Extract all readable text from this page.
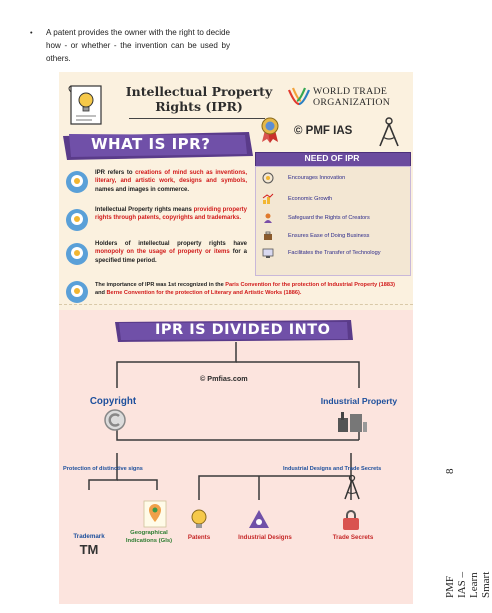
• A patent provides the owner with the right to decide how - or whether - the invention can be used by others.
8
PMF IAS – Learn Smart
Intellectual Property Rights (IPR)
WORLD TRADE ORGANIZATION
© PMF IAS
WHAT IS IPR?
NEED OF IPR
Encourages Innovation
Economic Growth
Safeguard the Rights of Creators
Ensures Ease of Doing Business
Facilitates the Transfer of Technology
IPR refers to creations of mind such as inventions, literary, and artistic work, designs and symbols, names and images in commerce.
Intellectual Property rights means providing property rights through patents, copyrights and trademarks.
Holders of intellectual property rights have monopoly on the usage of property or items for a specified time period.
The importance of IPR was 1st recognized in the Paris Convention for the protection of Industrial Property (1883) and Berne Convention for the protection of Literary and Artistic Works (1886).
IPR IS DIVIDED INTO
© Pmfias.com
Copyright	Industrial Property
Protection of distinctive signs	Industrial Designs and Trade Secrets
Trademark
TM
Geographical Indications (GIs)	Patents	Industrial Designs	Trade Secrets
